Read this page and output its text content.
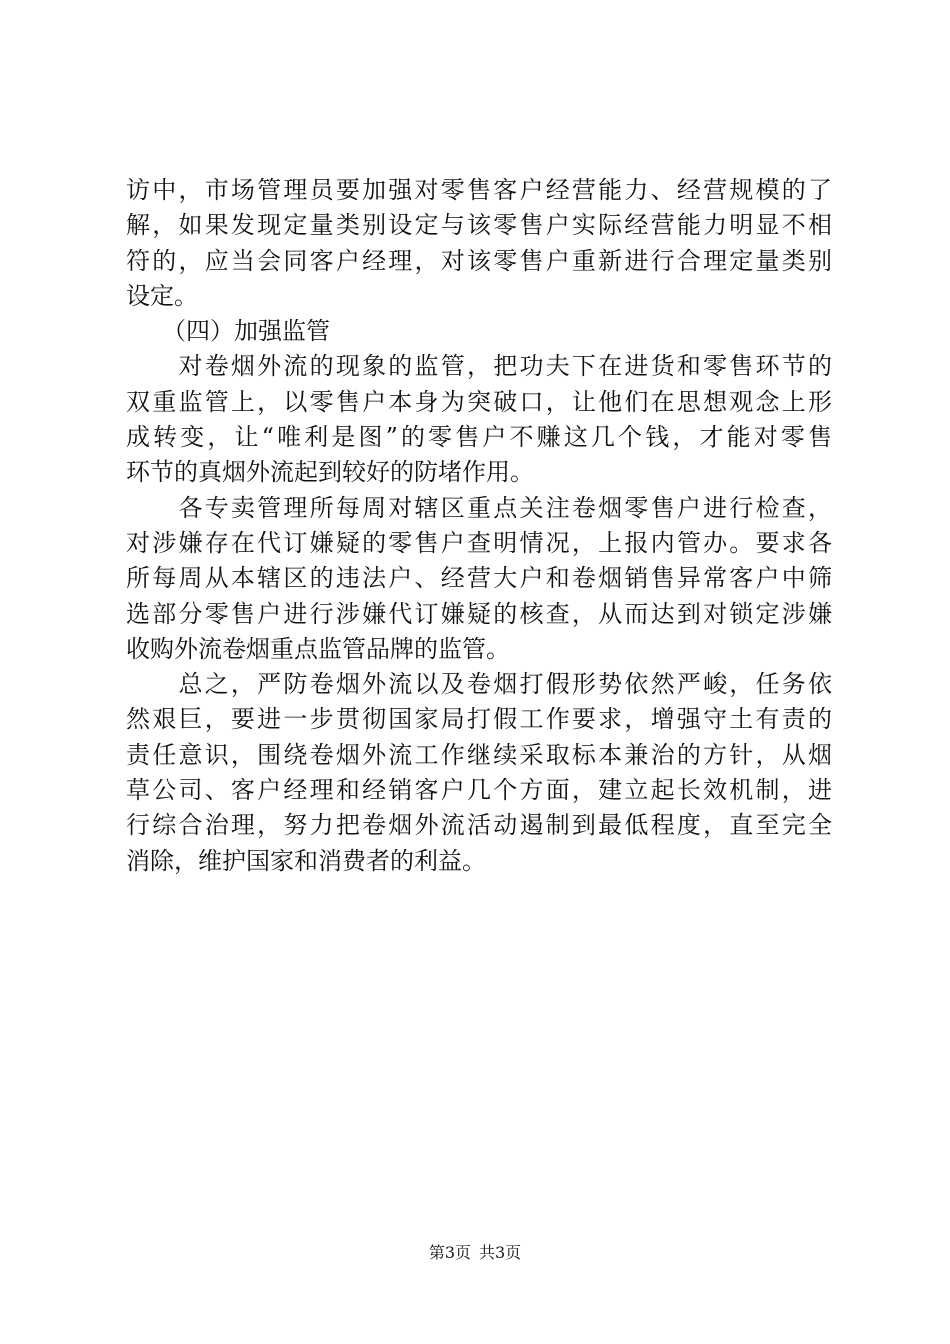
访中，市场管理员要加强对零售客户经营能力、经营规模的了
解，如果发现定量类别设定与该零售户实际经营能力明显不相
符的，应当会同客户经理，对该零售户重新进行合理定量类别
设定。
　　（四）加强监管
　　对卷烟外流的现象的监管，把功夫下在进货和零售环节的
双重监管上，以零售户本身为突破口，让他们在思想观念上形
成转变，让“唯利是图”的零售户不赚这几个钱，才能对零售
环节的真烟外流起到较好的防堵作用。
　　各专卖管理所每周对辖区重点关注卷烟零售户进行检查，
对涉嫌存在代订嫌疑的零售户查明情况，上报内管办。要求各
所每周从本辖区的违法户、经营大户和卷烟销售异常客户中筛
选部分零售户进行涉嫌代订嫌疑的核查，从而达到对锁定涉嫌
收购外流卷烟重点监管品牌的监管。
　　总之，严防卷烟外流以及卷烟打假形势依然严峻，任务依
然艰巨，要进一步贯彻国家局打假工作要求，增强守土有责的
责任意识，围绕卷烟外流工作继续采取标本兼治的方针，从烟
草公司、客户经理和经销客户几个方面，建立起长效机制，进
行综合治理，努力把卷烟外流活动遏制到最低程度，直至完全
消除，维护国家和消费者的利益。
第3页 共3页
